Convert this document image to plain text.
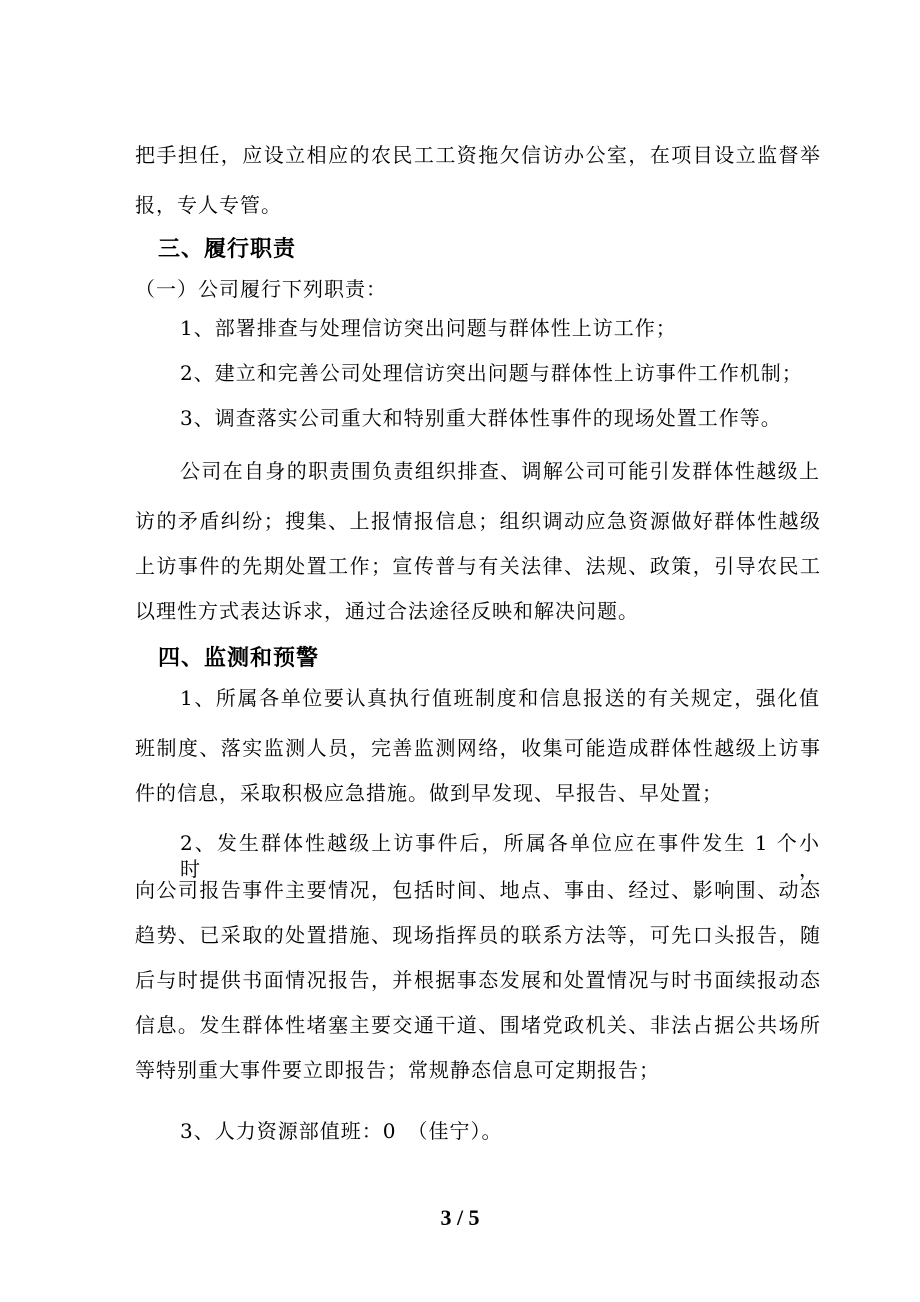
把手担任，应设立相应的农民工工资拖欠信访办公室，在项目设立监督举
报，专人专管。
三、履行职责
（一）公司履行下列职责：
1、部署排查与处理信访突出问题与群体性上访工作；
2、建立和完善公司处理信访突出问题与群体性上访事件工作机制；
3、调查落实公司重大和特别重大群体性事件的现场处置工作等。
公司在自身的职责围负责组织排查、调解公司可能引发群体性越级上
访的矛盾纠纷；搜集、上报情报信息；组织调动应急资源做好群体性越级
上访事件的先期处置工作；宣传普与有关法律、法规、政策，引导农民工
以理性方式表达诉求，通过合法途径反映和解决问题。
四、监测和预警
1、所属各单位要认真执行值班制度和信息报送的有关规定，强化值
班制度、落实监测人员，完善监测网络，收集可能造成群体性越级上访事
件的信息，采取积极应急措施。做到早发现、早报告、早处置；
2、发生群体性越级上访事件后，所属各单位应在事件发生 1 个小时，
向公司报告事件主要情况，包括时间、地点、事由、经过、影响围、动态
趋势、已采取的处置措施、现场指挥员的联系方法等，可先口头报告，随
后与时提供书面情况报告，并根据事态发展和处置情况与时书面续报动态
信息。发生群体性堵塞主要交通干道、围堵党政机关、非法占据公共场所
等特别重大事件要立即报告；常规静态信息可定期报告；
3、人力资源部值班：0　（佳宁）。
3 / 5
